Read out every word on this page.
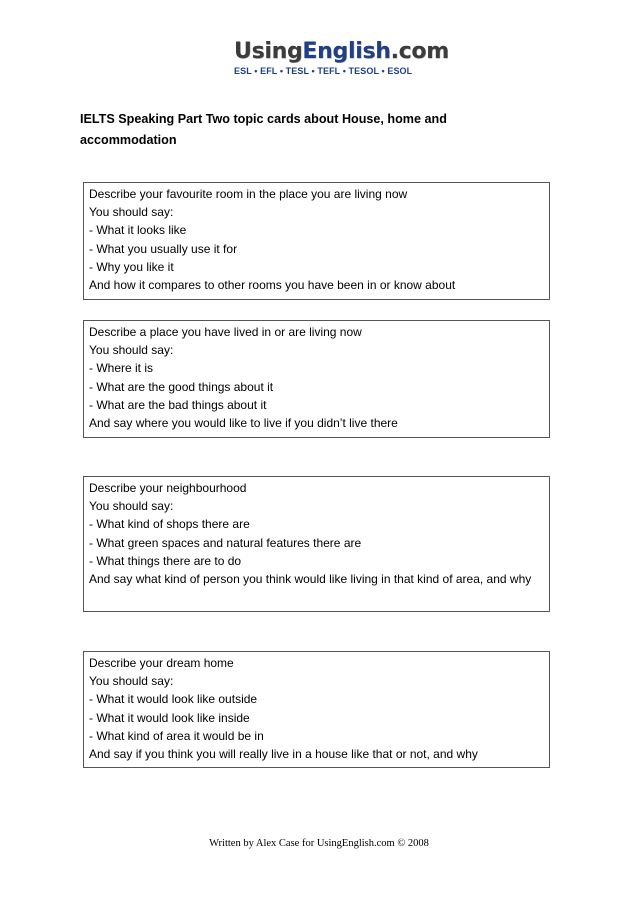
UsingEnglish.com
ESL • EFL • TESL • TEFL • TESOL • ESOL
IELTS Speaking Part Two topic cards about House, home and accommodation
Describe your favourite room in the place you are living now
You should say:
- What it looks like
- What you usually use it for
- Why you like it
And how it compares to other rooms you have been in or know about
Describe a place you have lived in or are living now
You should say:
- Where it is
- What are the good things about it
- What are the bad things about it
And say where you would like to live if you didn’t live there
Describe your neighbourhood
You should say:
- What kind of shops there are
- What green spaces and natural features there are
- What things there are to do
And say what kind of person you think would like living in that kind of area, and why
Describe your dream home
You should say:
- What it would look like outside
- What it would look like inside
- What kind of area it would be in
And say if you think you will really live in a house like that or not, and why
Written by Alex Case for UsingEnglish.com © 2008
